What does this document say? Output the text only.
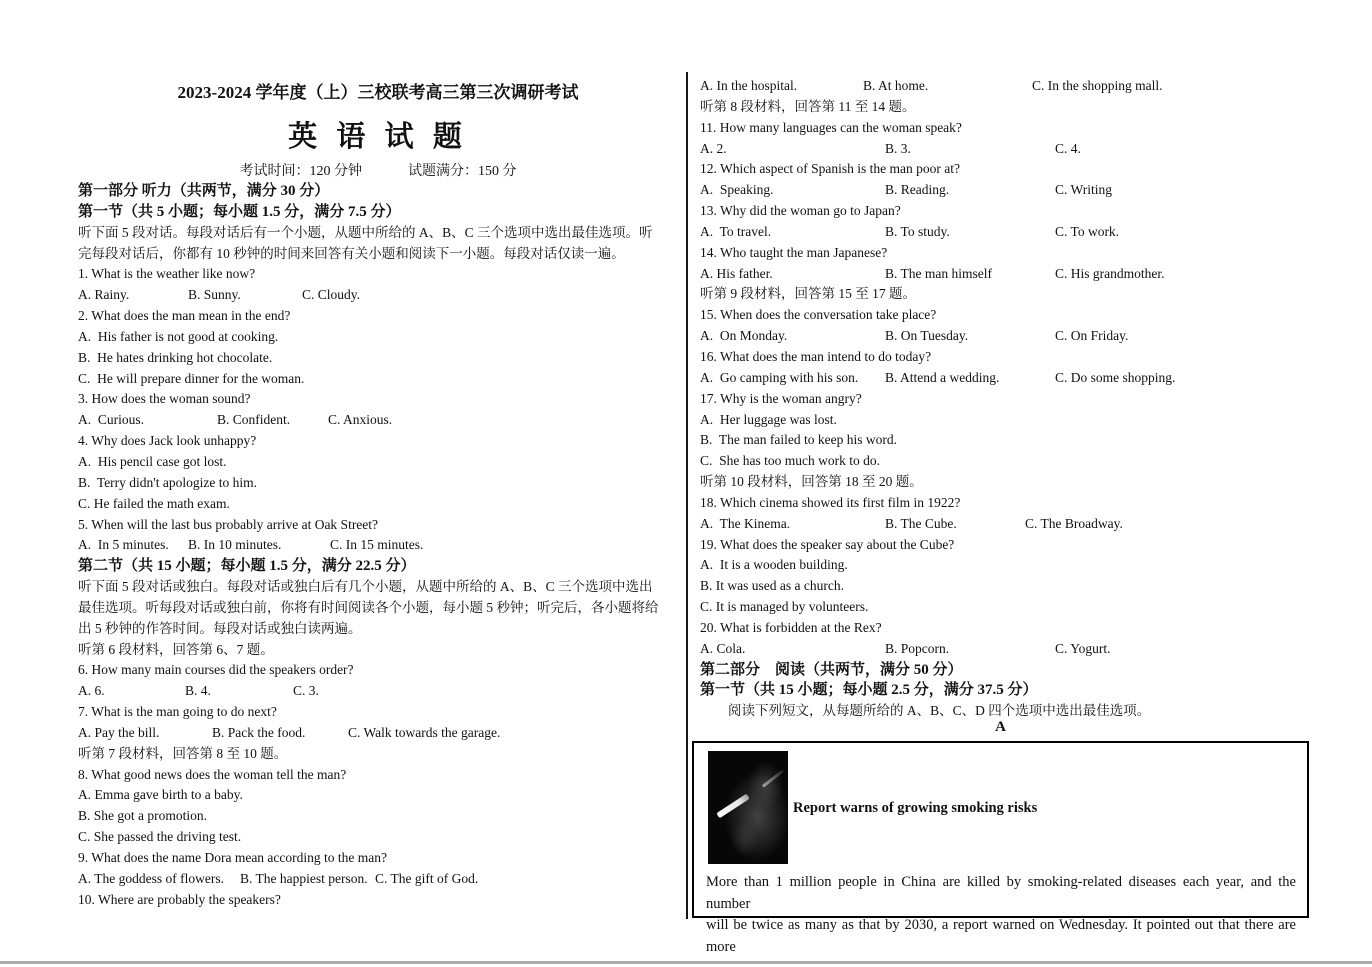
2023-2024 学年度（上）三校联考高三第三次调研考试
英 语 试 题
考试时间：120 分钟	试题满分：150 分
第一部分 听力（共两节，满分 30 分）
第一节（共 5 小题；每小题 1.5 分，满分 7.5 分）
听下面 5 段对话。每段对话后有一个小题，从题中所给的 A、B、C 三个选项中选出最佳选项。听
完每段对话后，你都有 10 秒钟的时间来回答有关小题和阅读下一小题。每段对话仅读一遍。
1. What is the weather like now?
A. Rainy.	B. Sunny.	C. Cloudy.
2. What does the man mean in the end?
A.  His father is not good at cooking.
B.  He hates drinking hot chocolate.
C.  He will prepare dinner for the woman.
3. How does the woman sound?
A.  Curious.	B. Confident.	C. Anxious.
4. Why does Jack look unhappy?
A.  His pencil case got lost.
B.  Terry didn't apologize to him.
C. He failed the math exam.
5. When will the last bus probably arrive at Oak Street?
A.  In 5 minutes. B. In 10 minutes.	C. In 15 minutes.
第二节（共 15 小题；每小题 1.5 分，满分 22.5 分）
听下面 5 段对话或独白。每段对话或独白后有几个小题，从题中所给的 A、B、C 三个选项中选出
最佳选项。听每段对话或独白前，你将有时间阅读各个小题，每小题 5 秒钟；听完后，各小题将给
出 5 秒钟的作答时间。每段对话或独白读两遍。
听第 6 段材料，回答第 6、7 题。
6. How many main courses did the speakers order?
A. 6.	B. 4.	C. 3.
7. What is the man going to do next?
A. Pay the bill.	B. Pack the food.	C. Walk towards the garage.
听第 7 段材料，回答第 8 至 10 题。
8. What good news does the woman tell the man?
A. Emma gave birth to a baby.
B. She got a promotion.
C. She passed the driving test.
9. What does the name Dora mean according to the man?
A. The goddess of flowers. B. The happiest person. C. The gift of God.
10. Where are probably the speakers?
A. In the hospital.	B. At home.	C. In the shopping mall.
听第 8 段材料，回答第 11 至 14 题。
11. How many languages can the woman speak?
A. 2.	B. 3.	C. 4.
12. Which aspect of Spanish is the man poor at?
A.  Speaking.	B. Reading.	C. Writing
13. Why did the woman go to Japan?
A.  To travel.	B. To study.	C. To work.
14. Who taught the man Japanese?
A. His father.	B. The man himself	C. His grandmother.
听第 9 段材料，回答第 15 至 17 题。
15. When does the conversation take place?
A.  On Monday.	B. On Tuesday.	C. On Friday.
16. What does the man intend to do today?
A.  Go camping with his son. B. Attend a wedding.	C. Do some shopping.
17. Why is the woman angry?
A.  Her luggage was lost.
B.  The man failed to keep his word.
C.  She has too much work to do.
听第 10 段材料，回答第 18 至 20 题。
18. Which cinema showed its first film in 1922?
A.  The Kinema.	B. The Cube.	C. The Broadway.
19. What does the speaker say about the Cube?
A.  It is a wooden building.
B. It was used as a church.
C. It is managed by volunteers.
20. What is forbidden at the Rex?
A. Cola.	B. Popcorn.	C. Yogurt.
第二部分　阅读（共两节，满分 50 分）
第一节（共 15 小题；每小题 2.5 分，满分 37.5 分）
阅读下列短文，从每题所给的 A、B、C、D 四个选项中选出最佳选项。
A
Report warns of growing smoking risks
More than 1 million people in China are killed by smoking-related diseases each year, and the number
will be twice as many as that by 2030, a report warned on Wednesday. It pointed out that there are more
